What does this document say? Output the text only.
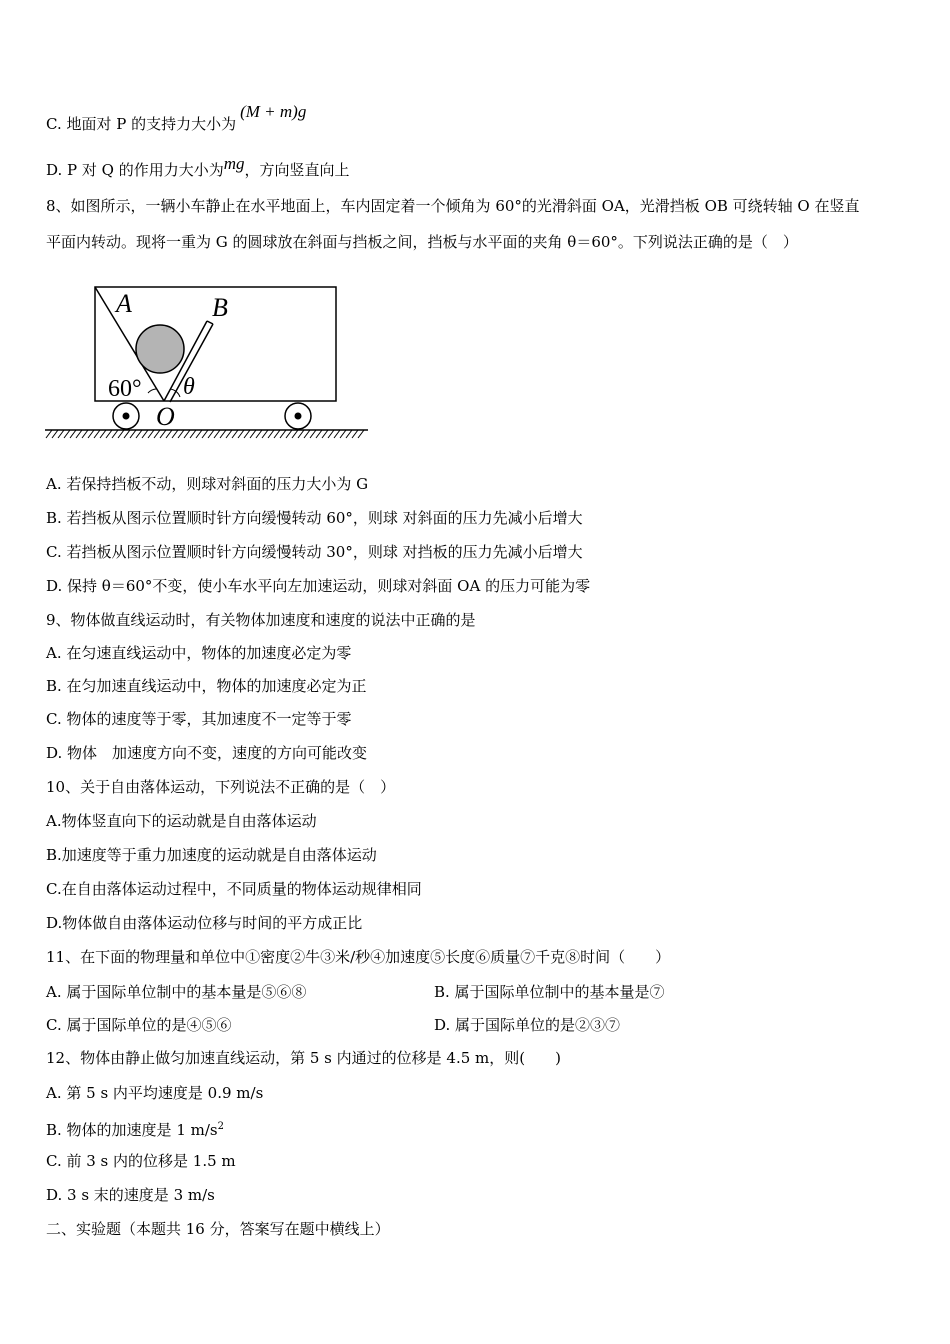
C. 地面对 P 的支持力大小为(M + m)g
D. P 对 Q 的作用力大小为mg，方向竖直向上
8、如图所示，一辆小车静止在水平地面上，车内固定着一个倾角为 60°的光滑斜面 OA，光滑挡板 OB 可绕转轴 O 在竖直
平面内转动。现将一重为 G 的圆球放在斜面与挡板之间，挡板与水平面的夹角 θ＝60°。下列说法正确的是（　）
A	B
60° θ
O
A. 若保持挡板不动，则球对斜面的压力大小为 G
B. 若挡板从图示位置顺时针方向缓慢转动 60°，则球 对斜面的压力先减小后增大
C. 若挡板从图示位置顺时针方向缓慢转动 30°，则球 对挡板的压力先减小后增大
D. 保持 θ＝60°不变，使小车水平向左加速运动，则球对斜面 OA 的压力可能为零
9、物体做直线运动时，有关物体加速度和速度的说法中正确的是
A. 在匀速直线运动中，物体的加速度必定为零
B. 在匀加速直线运动中，物体的加速度必定为正
C. 物体的速度等于零，其加速度不一定等于零
D. 物体　加速度方向不变，速度的方向可能改变
10、关于自由落体运动，下列说法不正确的是（　）
A.物体竖直向下的运动就是自由落体运动
B.加速度等于重力加速度的运动就是自由落体运动
C.在自由落体运动过程中，不同质量的物体运动规律相同
D.物体做自由落体运动位移与时间的平方成正比
11、在下面的物理量和单位中①密度②牛③米/秒④加速度⑤长度⑥质量⑦千克⑧时间（　　）
A. 属于国际单位制中的基本量是⑤⑥⑧	B. 属于国际单位制中的基本量是⑦
C. 属于国际单位的是④⑤⑥	D. 属于国际单位的是②③⑦
12、物体由静止做匀加速直线运动，第 5 s 内通过的位移是 4.5 m，则(　　)
A. 第 5 s 内平均速度是 0.9 m/s
B. 物体的加速度是 1 $m/s^2$
C. 前 3 s 内的位移是 1.5 m
D. 3 s 末的速度是 3 m/s
二、实验题（本题共 16 分，答案写在题中横线上）
